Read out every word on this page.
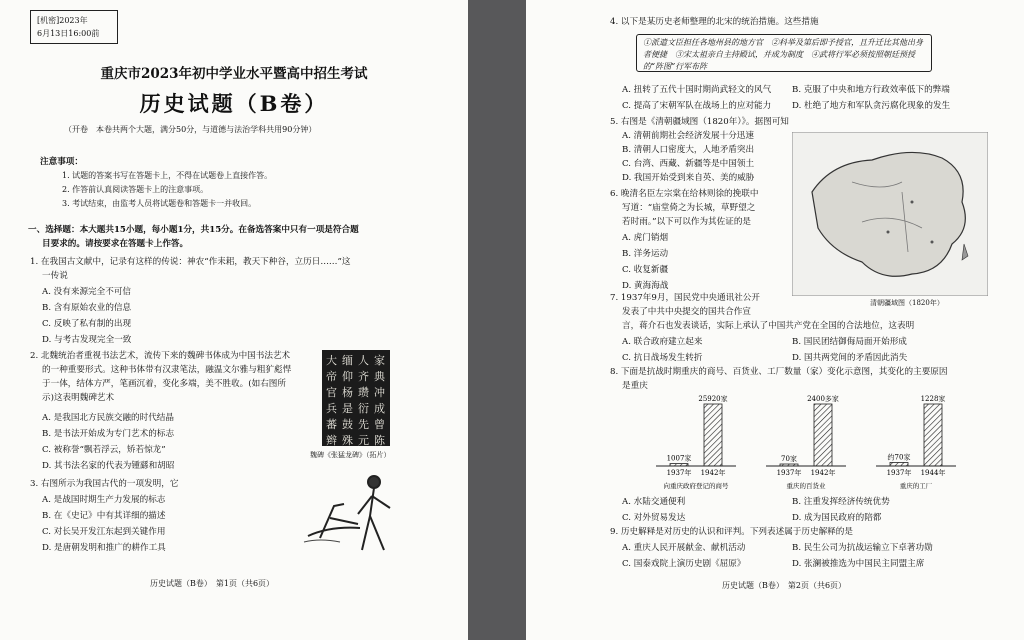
[机密]2023年
6月13日16:00前
重庆市2023年初中学业水平暨高中招生考试
历史试题（B卷）
（开卷　本卷共两个大题，满分50分，与道德与法治学科共用90分钟）
注意事项：
1. 试题的答案书写在答题卡上，不得在试题卷上直接作答。
2. 作答前认真阅读答题卡上的注意事项。
3. 考试结束，由监考人员将试题卷和答题卡一并收回。
一、选择题：本大题共15小题，每小题1分，共15分。在备选答案中只有一项是符合题
目要求的。请按要求在答题卡上作答。
1. 在我国古文献中，记录有这样的传说：神农“作耒耜，教天下种谷，立历日……”这
一传说
A. 没有来源完全不可信
B. 含有原始农业的信息
C. 反映了私有制的出现
D. 与考古发现完全一致
2. 北魏统治者重视书法艺术，流传下来的魏碑书体成为中国书法艺术
的一种重要形式。这种书体带有汉隶笔法，融温文尔雅与粗犷彪悍
于一体，结体方严，笔画沉着，变化多端，美不胜收。(如右图所
示)这表明魏碑艺术
A. 是我国北方民族交融的时代结晶
B. 是书法开始成为专门艺术的标志
C. 被称誉“飘若浮云，矫若惊龙”
D. 其书法名家的代表为锺繇和胡昭
大 缅 人 家
帝 仰 齐 典
官 杨 瓒 冲
兵 是 衍 成
蕃 鼓 先 曾
辫 殊 元 陈
魏碑《张猛龙碑》（拓片）
3. 右图所示为我国古代的一项发明，它
A. 是战国时期生产力发展的标志
B. 在《史记》中有其详细的描述
C. 对长吴开发江东起到关键作用
D. 是唐朝发明和推广的耕作工具
历史试题（B卷）　第1页（共6页）
4. 以下是某历史老师整理的北宋的统治措施。这些措施
①派遣文臣担任各地州县的地方官　②科举及第后即予授官，且升迁比其他出身者便捷　③宋太祖亲自主持殿试，并成为制度　④武将行军必须按照朝廷预授的“阵图”行军布阵
A. 扭转了五代十国时期尚武轻文的风气 B. 克服了中央和地方行政效率低下的弊端
C. 提高了宋朝军队在战场上的应对能力 D. 杜绝了地方和军队贪污腐化现象的发生
5. 右图是《清朝疆域图（1820年）》。据图可知
A. 清朝前期社会经济发展十分迅速
B. 清朝人口密度大，人地矛盾突出
C. 台湾、西藏、新疆等是中国领土
D. 我国开始受到来自英、美的威胁
清朝疆域图（1820年）
6. 晚清名臣左宗棠在给林则徐的挽联中
写道：“庙堂倚之为长城，草野望之
若时雨。”以下可以作为其佐证的是
A. 虎门销烟
B. 洋务运动
C. 收复新疆
D. 黄海海战
7. 1937年9月，国民党中央通讯社公开
发表了中共中央提交的国共合作宣
言，蒋介石也发表谈话，实际上承认了中国共产党在全国的合法地位，这表明
A. 联合政府建立起来	B. 国民团结御侮局面开始形成
C. 抗日战场发生转折	D. 国共两党间的矛盾因此消失
8. 下面是抗战时期重庆的商号、百货业、工厂数量（家）变化示意图，其变化的主要原因
是重庆
1007家
1937年
25920家
1942年
向重庆政府登记的商号
70家
1937年
2400多家
1942年
重庆的百货业
约70家
1937年
1228家
1944年
重庆的工厂
A. 水陆交通便利	B. 注重发挥经济传统优势
C. 对外贸易发达	D. 成为国民政府的陪都
9. 历史解释是对历史的认识和评判。下列表述属于历史解释的是
A. 重庆人民开展献金、献机活动	B. 民生公司为抗战运输立下卓著功勋
C. 国泰戏院上演历史剧《屈原》	D. 张澜被推选为中国民主同盟主席
历史试题（B卷）　第2页（共6页）
